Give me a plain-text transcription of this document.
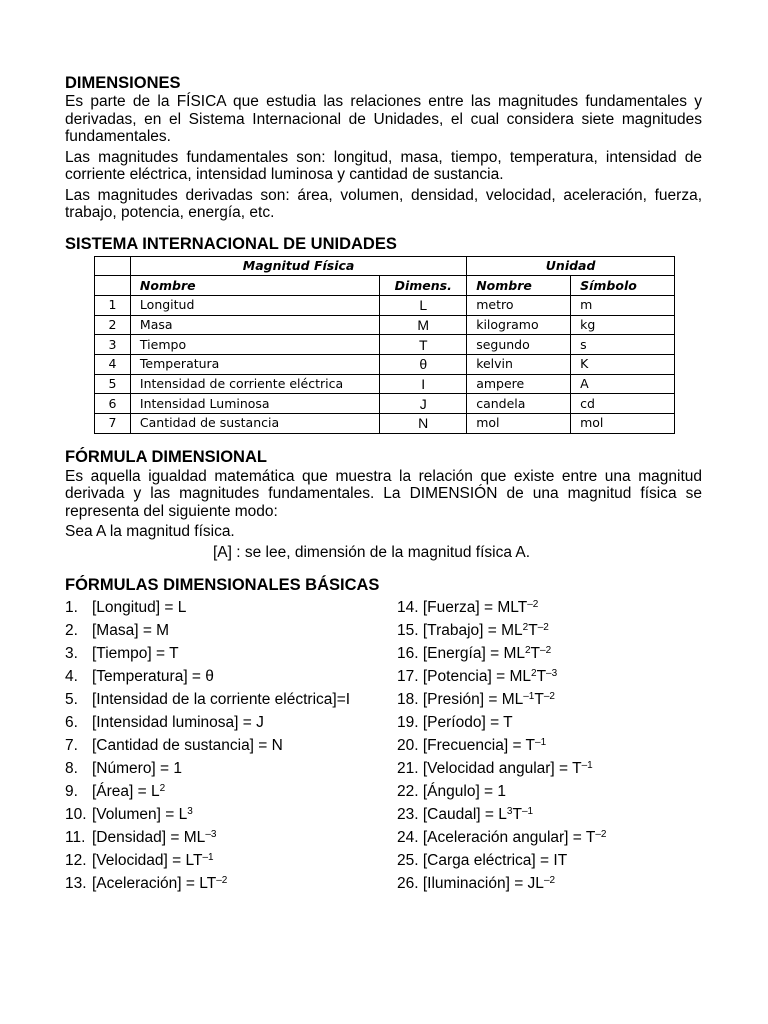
DIMENSIONES

Es parte de la FÍSICA que estudia las relaciones entre las magnitudes fundamentales y derivadas, en el Sistema Internacional de Unidades, el cual considera siete magnitudes fundamentales.

Las magnitudes fundamentales son: longitud, masa, tiempo, temperatura, intensidad de corriente eléctrica, intensidad luminosa y cantidad de sustancia.

Las magnitudes derivadas son: área, volumen, densidad, velocidad, aceleración, fuerza, trabajo, potencia, energía, etc.

SISTEMA INTERNACIONAL DE UNIDADES
	Magnitud Física		Unidad	
	Nombre	Dimens.	Nombre	Símbolo
1	Longitud	L	metro	m
2	Masa	M	kilogramo	kg
3	Tiempo	T	segundo	s
4	Temperatura	θ	kelvin	K
5	Intensidad de corriente eléctrica	I	ampere	A
6	Intensidad Luminosa	J	candela	cd
7	Cantidad de sustancia	N	mol	mol
FÓRMULA DIMENSIONAL

Es aquella igualdad matemática que muestra la relación que existe entre una magnitud derivada y las magnitudes fundamentales. La DIMENSIÓN de una magnitud física se representa del siguiente modo:

Sea A la magnitud física.

[A] : se lee, dimensión de la magnitud física A.

FÓRMULAS DIMENSIONALES BÁSICAS
1. [Longitud] = L
2. [Masa] = M
3. [Tiempo] = T
4. [Temperatura] = θ
5. [Intensidad de la corriente eléctrica]=I
6. [Intensidad luminosa] = J
7. [Cantidad de sustancia] = N
8. [Número] = 1
9. [Área] = $L^2$
10. [Volumen] = $L^3$
11. [Densidad] = $ML^{-3}$
12. [Velocidad] = $LT^{-1}$
13. [Aceleración] = $LT^{-2}$
14. [Fuerza] = $MLT^{-2}$
15. [Trabajo] = $ML^2T^{-2}$
16. [Energía] = $ML^2T^{-2}$
17. [Potencia] = $ML^2T^{-3}$
18. [Presión] = $ML^{-1}T^{-2}$
19. [Período] = T
20. [Frecuencia] = $T^{-1}$
21. [Velocidad angular] = $T^{-1}$
22. [Ángulo] = 1
23. [Caudal] = $L^3T^{-1}$
24. [Aceleración angular] = $T^{-2}$
25. [Carga eléctrica] = IT
26. [Iluminación] = $JL^{-2}$
